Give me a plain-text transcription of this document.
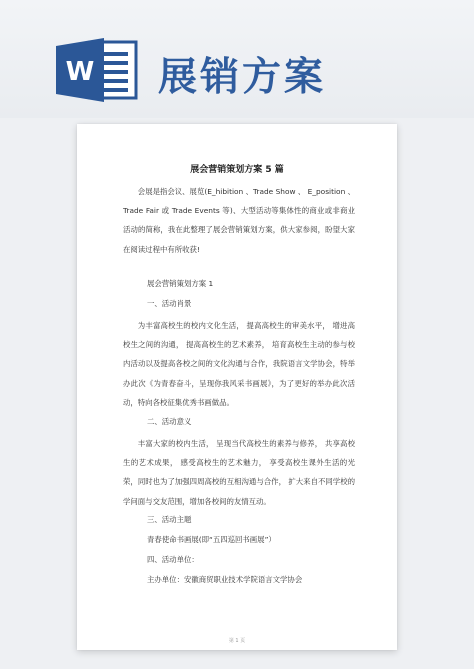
W 展销方案
展会营销策划方案 5 篇

会展是指会议、展览(E_hibition 、Trade Show 、 E_position 、Trade Fair 或 Trade Events 等)、大型活动等集体性的商业或非商业活动的简称，我在此整理了展会营销策划方案，供大家参阅，盼望大家在阅读过程中有所收获!

展会营销策划方案 1

一、活动肖景

为丰富高校生的校内文化生活， 提高高校生的审美水平， 增进高校生之间的沟通， 提高高校生的艺术素养， 培育高校生主动的参与校内活动以及提高各校之间的文化沟通与合作，我院语言文学协会，特举办此次《为青春奋斗，呈现你我风采书画展》，为了更好的举办此次活动，特向各校征集优秀书画做品。

二、活动意义

丰富大家的校内生活， 呈现当代高校生的素养与修养， 共享高校生的艺术成果， 感受高校生的艺术魅力， 享受高校生课外生活的光荣，同时也为了加强四周高校的互相沟通与合作， 扩大来自不同学校的学问面与交友范围，增加各校间的友情互动。

三、活动主题

青春使命书画展(即“五四巡回书画展”）

四、活动单位：

主办单位：安徽商贸职业技术学院语言文学协会

第 1 页
